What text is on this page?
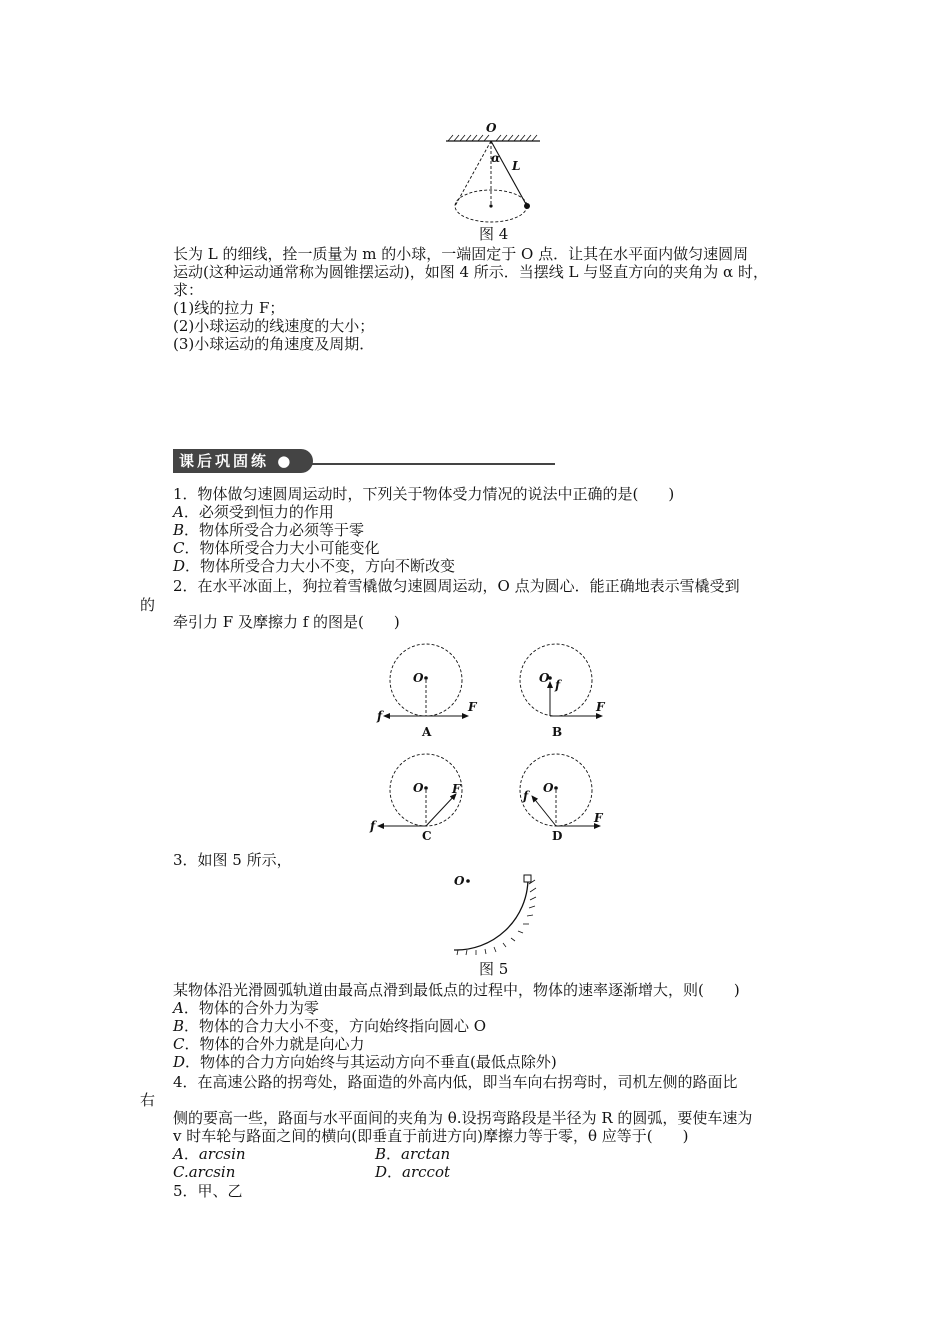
O
α
L
图 4
长为 L 的细线，拴一质量为 m 的小球，一端固定于 O 点．让其在水平面内做匀速圆周
运动(这种运动通常称为圆锥摆运动)，如图 4 所示．当摆线 L 与竖直方向的夹角为 α 时，
求：
(1)线的拉力 F；
(2)小球运动的线速度的大小；
(3)小球运动的角速度及周期．
课后巩固练 ●
1．物体做匀速圆周运动时，下列关于物体受力情况的说法中正确的是(　　)
A．必须受到恒力的作用
B．物体所受合力必须等于零
C．物体所受合力大小可能变化
D．物体所受合力大小不变，方向不断改变
2．在水平冰面上，狗拉着雪橇做匀速圆周运动，O 点为圆心．能正确地表示雪橇受到
的
牵引力 F 及摩擦力 f 的图是(　　)
O
F
f
A
O f
F
B
O F
f
C
O
f
F
D
3．如图 5 所示，
O
图 5
某物体沿光滑圆弧轨道由最高点滑到最低点的过程中，物体的速率逐渐增大，则(　　)
A．物体的合外力为零
B．物体的合力大小不变，方向始终指向圆心 O
C．物体的合外力就是向心力
D．物体的合力方向始终与其运动方向不垂直(最低点除外)
4．在高速公路的拐弯处，路面造的外高内低，即当车向右拐弯时，司机左侧的路面比
右
侧的要高一些，路面与水平面间的夹角为 θ.设拐弯路段是半径为 R 的圆弧，要使车速为
v 时车轮与路面之间的横向(即垂直于前进方向)摩擦力等于零，θ 应等于(　　)
A．arcsin	B．arctan
C.arcsin	D．arccot
5．甲、乙
